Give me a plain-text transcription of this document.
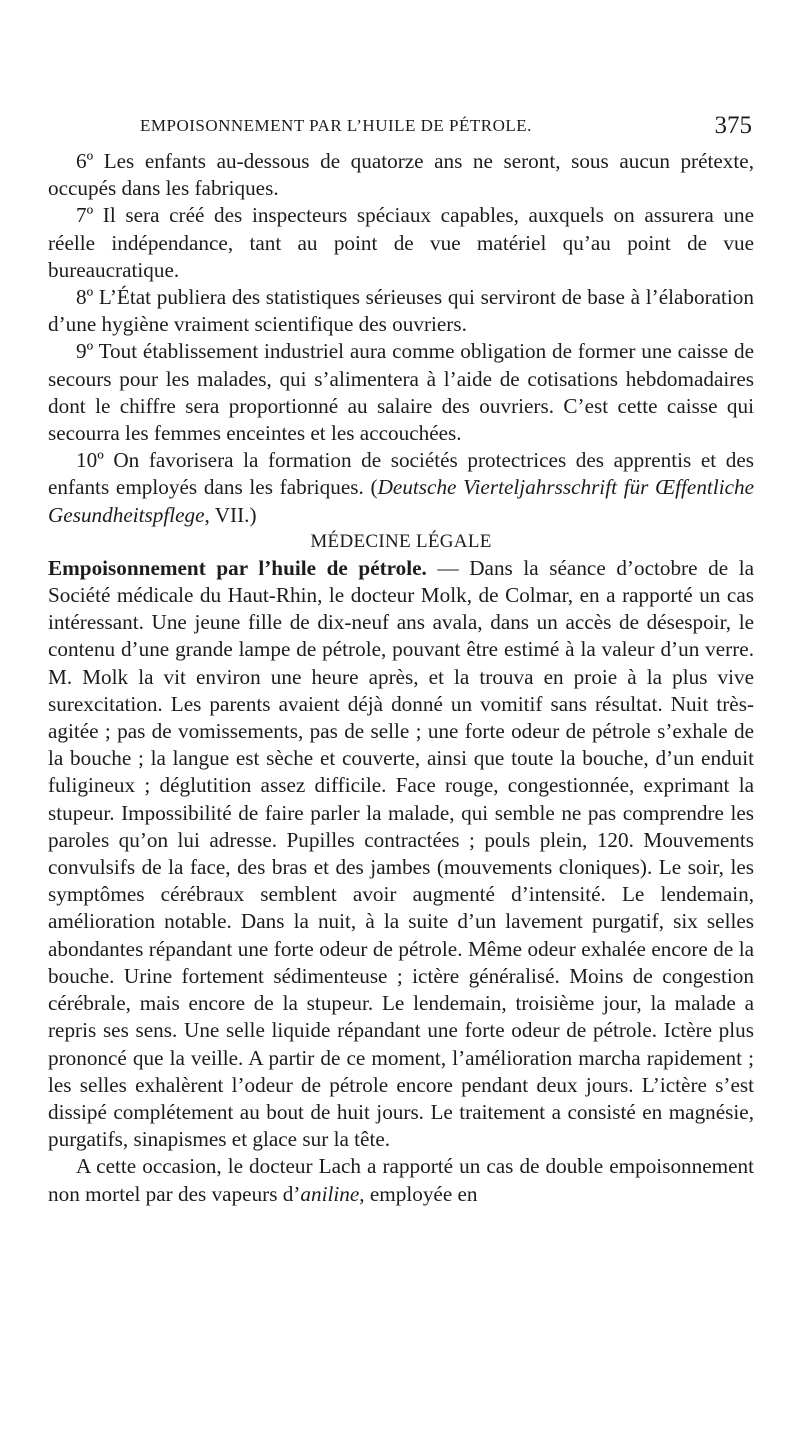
EMPOISONNEMENT PAR L’HUILE DE PÉTROLE.	375

6º Les enfants au-dessous de quatorze ans ne seront, sous aucun prétexte, occupés dans les fabriques.

7º Il sera créé des inspecteurs spéciaux capables, auxquels on assurera une réelle indépendance, tant au point de vue matériel qu’au point de vue bureaucratique.

8º L’État publiera des statistiques sérieuses qui serviront de base à l’élaboration d’une hygiène vraiment scientifique des ouvriers.

9º Tout établissement industriel aura comme obligation de former une caisse de secours pour les malades, qui s’alimentera à l’aide de cotisations hebdomadaires dont le chiffre sera proportionné au salaire des ouvriers. C’est cette caisse qui secourra les femmes enceintes et les accouchées.

10º On favorisera la formation de sociétés protectrices des apprentis et des enfants employés dans les fabriques. (Deutsche Vierteljahrsschrift für Œffentliche Gesundheitspflege, VII.)

MÉDECINE LÉGALE

Empoisonnement par l’huile de pétrole. — Dans la séance d’octobre de la Société médicale du Haut-Rhin, le docteur Molk, de Colmar, en a rapporté un cas intéressant. Une jeune fille de dix-neuf ans avala, dans un accès de désespoir, le contenu d’une grande lampe de pétrole, pouvant être estimé à la valeur d’un verre. M. Molk la vit environ une heure après, et la trouva en proie à la plus vive surexcitation. Les parents avaient déjà donné un vomitif sans résultat. Nuit très-agitée ; pas de vomissements, pas de selle ; une forte odeur de pétrole s’exhale de la bouche ; la langue est sèche et couverte, ainsi que toute la bouche, d’un enduit fuligineux ; déglutition assez difficile. Face rouge, congestionnée, exprimant la stupeur. Impossibilité de faire parler la malade, qui semble ne pas comprendre les paroles qu’on lui adresse. Pupilles contractées ; pouls plein, 120. Mouvements convulsifs de la face, des bras et des jambes (mouvements cloniques). Le soir, les symptômes cérébraux semblent avoir augmenté d’intensité. Le lendemain, amélioration notable. Dans la nuit, à la suite d’un lavement purgatif, six selles abondantes répandant une forte odeur de pétrole. Même odeur exhalée encore de la bouche. Urine fortement sédimenteuse ; ictère généralisé. Moins de congestion cérébrale, mais encore de la stupeur. Le lendemain, troisième jour, la malade a repris ses sens. Une selle liquide répandant une forte odeur de pétrole. Ictère plus prononcé que la veille. A partir de ce moment, l’amélioration marcha rapidement ; les selles exhalèrent l’odeur de pétrole encore pendant deux jours. L’ictère s’est dissipé complétement au bout de huit jours. Le traitement a consisté en magnésie, purgatifs, sinapismes et glace sur la tête.

A cette occasion, le docteur Lach a rapporté un cas de double empoisonnement non mortel par des vapeurs d’aniline, employée en
